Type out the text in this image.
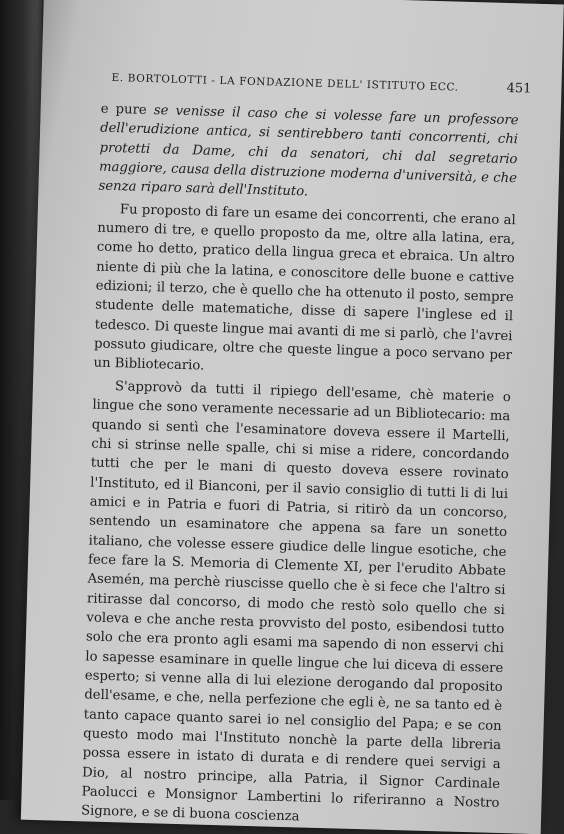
E. BORTOLOTTI - LA FONDAZIONE DELL' ISTITUTO ECC.	451

e pure se venisse il caso che si volesse fare un professore dell'erudizione antica, si sentirebbero tanti concorrenti, chi protetti da Dame, chi da senatori, chi dal segretario maggiore, causa della distruzione moderna d'università, e che senza riparo sarà dell'Instituto.

Fu proposto di fare un esame dei concorrenti, che erano al numero di tre, e quello proposto da me, oltre alla latina, era, come ho detto, pratico della lingua greca et ebraica. Un altro niente di più che la latina, e conoscitore delle buone e cattive edizioni; il terzo, che è quello che ha ottenuto il posto, sempre studente delle matematiche, disse di sapere l'inglese ed il tedesco. Di queste lingue mai avanti di me si parlò, che l'avrei possuto giudicare, oltre che queste lingue a poco servano per un Bibliotecario.

S'approvò da tutti il ripiego dell'esame, chè materie o lingue che sono veramente necessarie ad un Bibliotecario: ma quando si sentì che l'esaminatore doveva essere il Martelli, chi si strinse nelle spalle, chi si mise a ridere, concordando tutti che per le mani di questo doveva essere rovinato l'Instituto, ed il Bianconi, per il savio consiglio di tutti li di lui amici e in Patria e fuori di Patria, si ritirò da un concorso, sentendo un esaminatore che appena sa fare un sonetto italiano, che volesse essere giudice delle lingue esotiche, che fece fare la S. Memoria di Clemente XI, per l'erudito Abbate Asemén, ma perchè riuscisse quello che è si fece che l'altro si ritirasse dal concorso, di modo che restò solo quello che si voleva e che anche resta provvisto del posto, esibendosi tutto solo che era pronto agli esami ma sapendo di non esservi chi lo sapesse esaminare in quelle lingue che lui diceva di essere esperto; si venne alla di lui elezione derogando dal proposito dell'esame, e che, nella perfezione che egli è, ne sa tanto ed è tanto capace quanto sarei io nel consiglio del Papa; e se con questo modo mai l'Instituto nonchè la parte della libreria possa essere in istato di durata e di rendere quei servigi a Dio, al nostro principe, alla Patria, il Signor Cardinale Paolucci e Monsignor Lambertini lo riferiranno a Nostro Signore, e se di buona coscienza
